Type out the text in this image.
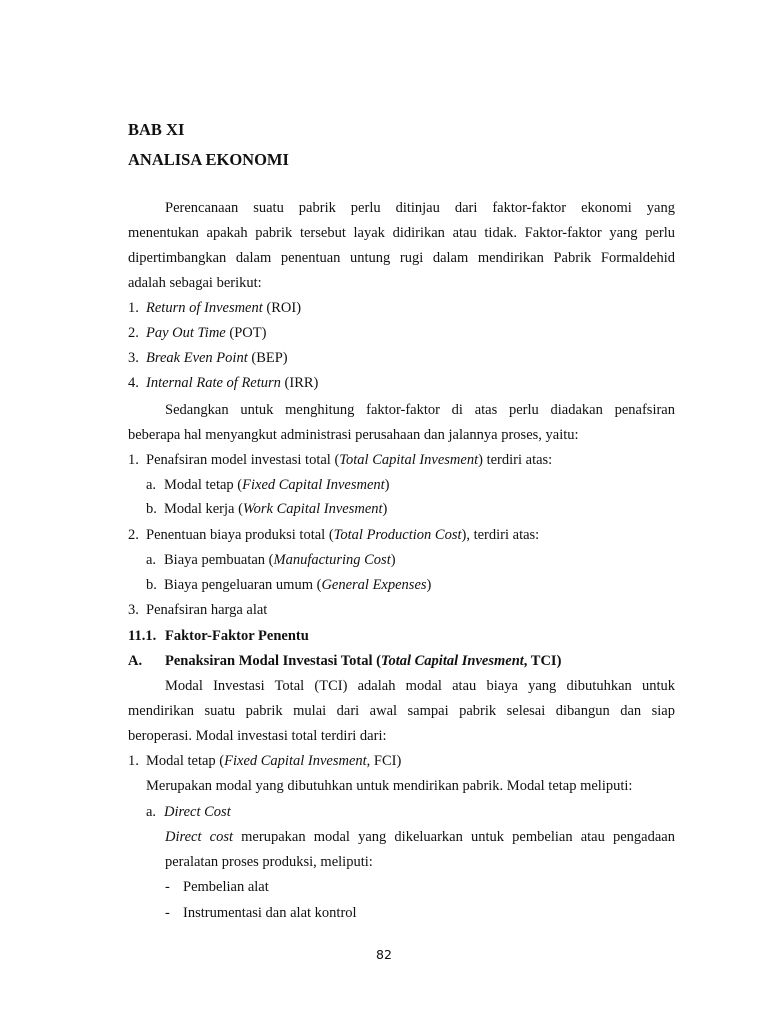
BAB XI
ANALISA EKONOMI
Perencanaan suatu pabrik perlu ditinjau dari faktor-faktor ekonomi yang
menentukan apakah pabrik tersebut layak didirikan atau tidak. Faktor-faktor yang perlu
dipertimbangkan dalam penentuan untung rugi dalam mendirikan Pabrik Formaldehid
adalah sebagai berikut:
1. Return of Invesment (ROI)
2. Pay Out Time (POT)
3. Break Even Point (BEP)
4. Internal Rate of Return (IRR)
Sedangkan untuk menghitung faktor-faktor di atas perlu diadakan penafsiran
beberapa hal menyangkut administrasi perusahaan dan jalannya proses, yaitu:
1. Penafsiran model investasi total (Total Capital Invesment) terdiri atas:
a. Modal tetap (Fixed Capital Invesment)
b. Modal kerja (Work Capital Invesment)
2. Penentuan biaya produksi total (Total Production Cost), terdiri atas:
a. Biaya pembuatan (Manufacturing Cost)
b. Biaya pengeluaran umum (General Expenses)
3. Penafsiran harga alat
11.1. Faktor-Faktor Penentu
A. Penaksiran Modal Investasi Total (Total Capital Invesment, TCI)
Modal Investasi Total (TCI) adalah modal atau biaya yang dibutuhkan untuk
mendirikan suatu pabrik mulai dari awal sampai pabrik selesai dibangun dan siap
beroperasi. Modal investasi total terdiri dari:
1. Modal tetap (Fixed Capital Invesment, FCI)
Merupakan modal yang dibutuhkan untuk mendirikan pabrik. Modal tetap meliputi:
a. Direct Cost
Direct cost merupakan modal yang dikeluarkan untuk pembelian atau pengadaan
peralatan proses produksi, meliputi:
- Pembelian alat
- Instrumentasi dan alat kontrol
82
